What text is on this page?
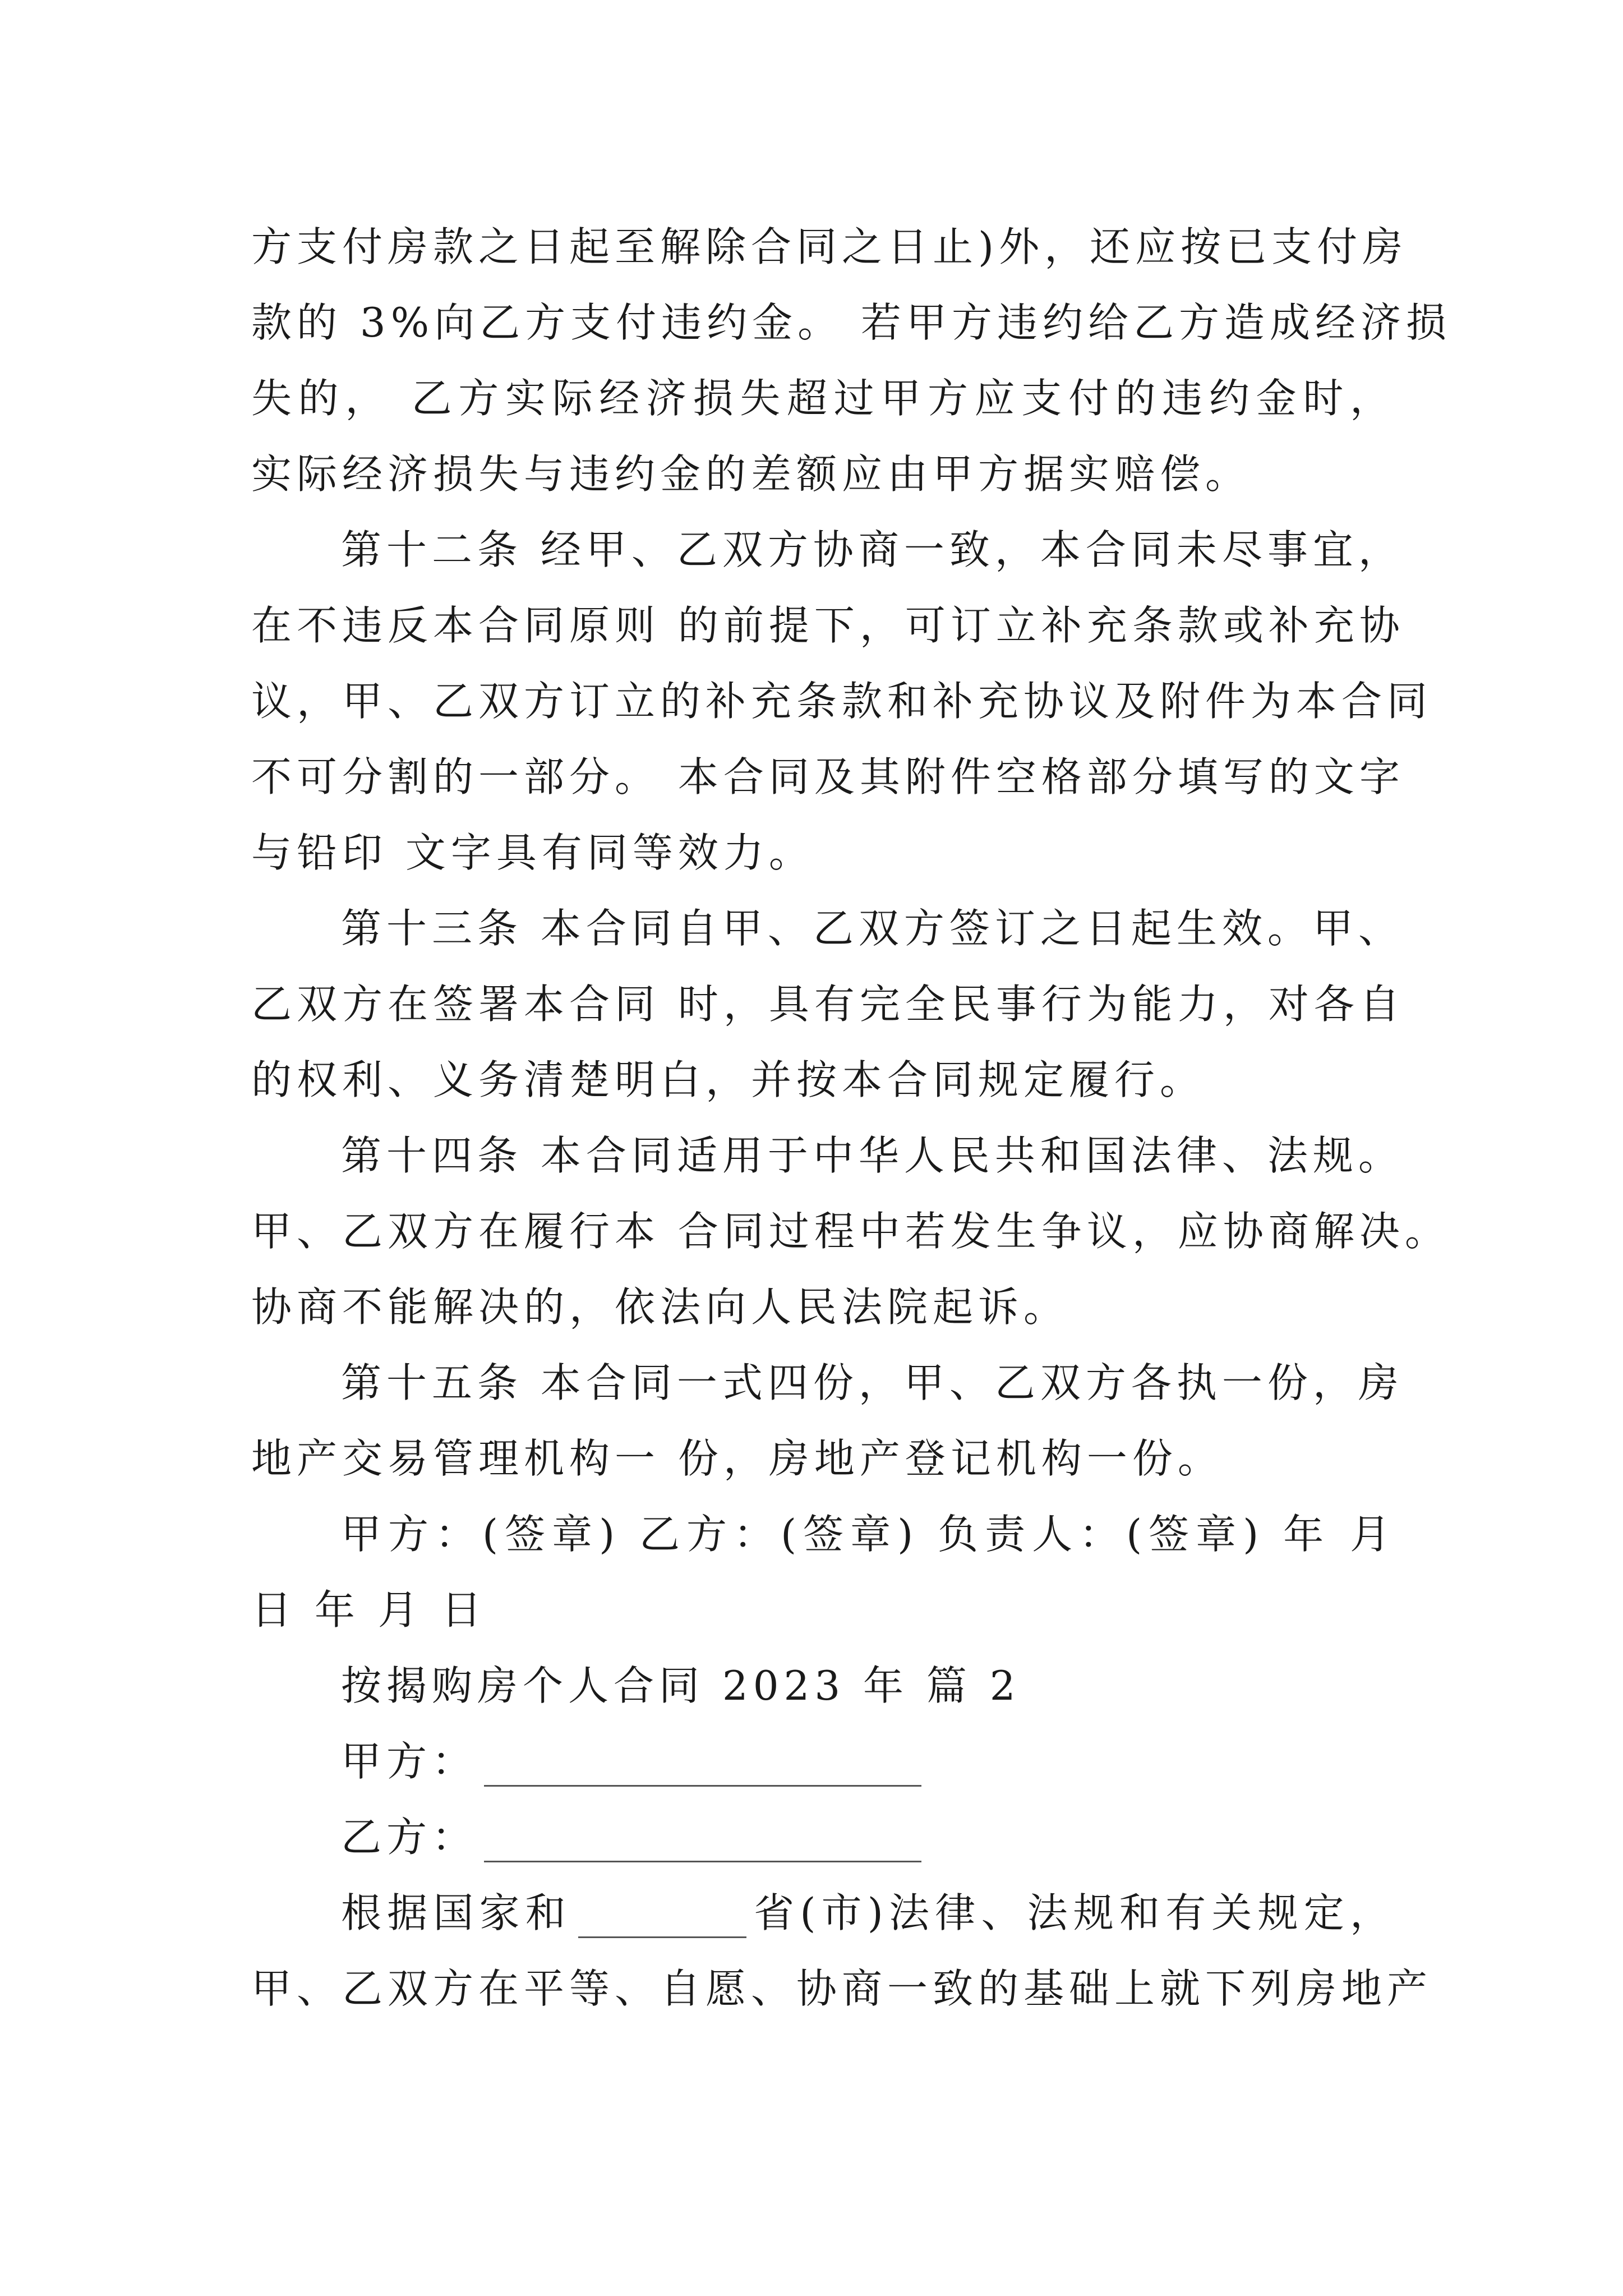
方支付房款之日起至解除合同之日止)外，还应按已支付房
款的 3%向乙方支付违约金。 若甲方违约给乙方造成经济损
失的， 乙方实际经济损失超过甲方应支付的违约金时，
实际经济损失与违约金的差额应由甲方据实赔偿。
第十二条 经甲、乙双方协商一致，本合同未尽事宜，
在不违反本合同原则 的前提下，可订立补充条款或补充协
议，甲、乙双方订立的补充条款和补充协议及附件为本合同
不可分割的一部分。 本合同及其附件空格部分填写的文字
与铅印 文字具有同等效力。
第十三条 本合同自甲、乙双方签订之日起生效。甲、
乙双方在签署本合同 时，具有完全民事行为能力，对各自
的权利、义务清楚明白，并按本合同规定履行。
第十四条 本合同适用于中华人民共和国法律、法规。
甲、乙双方在履行本 合同过程中若发生争议，应协商解决。
协商不能解决的，依法向人民法院起诉。
第十五条 本合同一式四份，甲、乙双方各执一份，房
地产交易管理机构一 份，房地产登记机构一份。
甲方：(签章) 乙方：(签章) 负责人：(签章) 年 月
日 年 月 日
按揭购房个人合同 2023 年 篇 2
甲方：
乙方：
根据国家和	省(市)法律、法规和有关规定，
甲、乙双方在平等、自愿、协商一致的基础上就下列房地产
